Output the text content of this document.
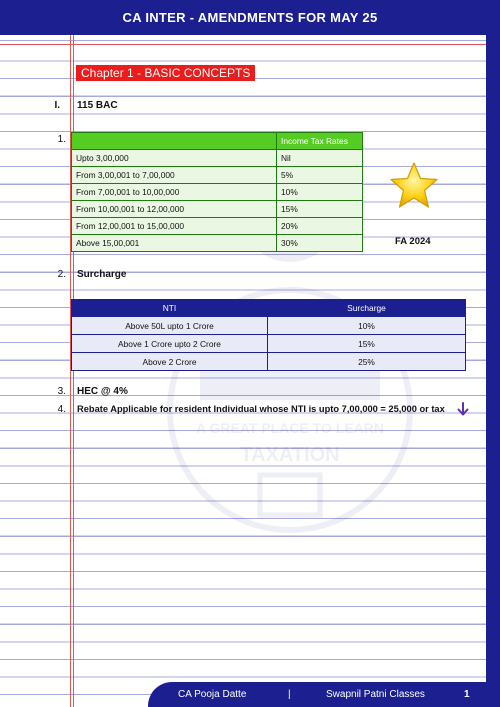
CA INTER - AMENDMENTS FOR MAY 25
CA POOJA DATTE
A GREAT PLACE TO LEARN
TAXATION
Chapter 1 - BASIC CONCEPTS
I. 115 BAC
1.
		Income Tax Rates
Upto 3,00,000	Nil
From 3,00,001 to 7,00,000	5%
From 7,00,001 to 10,00,000	10%
From 10,00,001 to 12,00,000	15%
From 12,00,001 to 15,00,000	20%
Above 15,00,001	30%	FA 2024
2. Surcharge
NTI	Surcharge
Above 50L upto 1 Crore	10%
Above 1 Crore upto 2 Crore	15%
Above 2 Crore	25%
3. HEC @ 4%
4. Rebate Applicable for resident Individual whose NTI is upto 7,00,000 = 25,000 or tax
CA Pooja Datte	|	Swapnil Patni Classes	1
